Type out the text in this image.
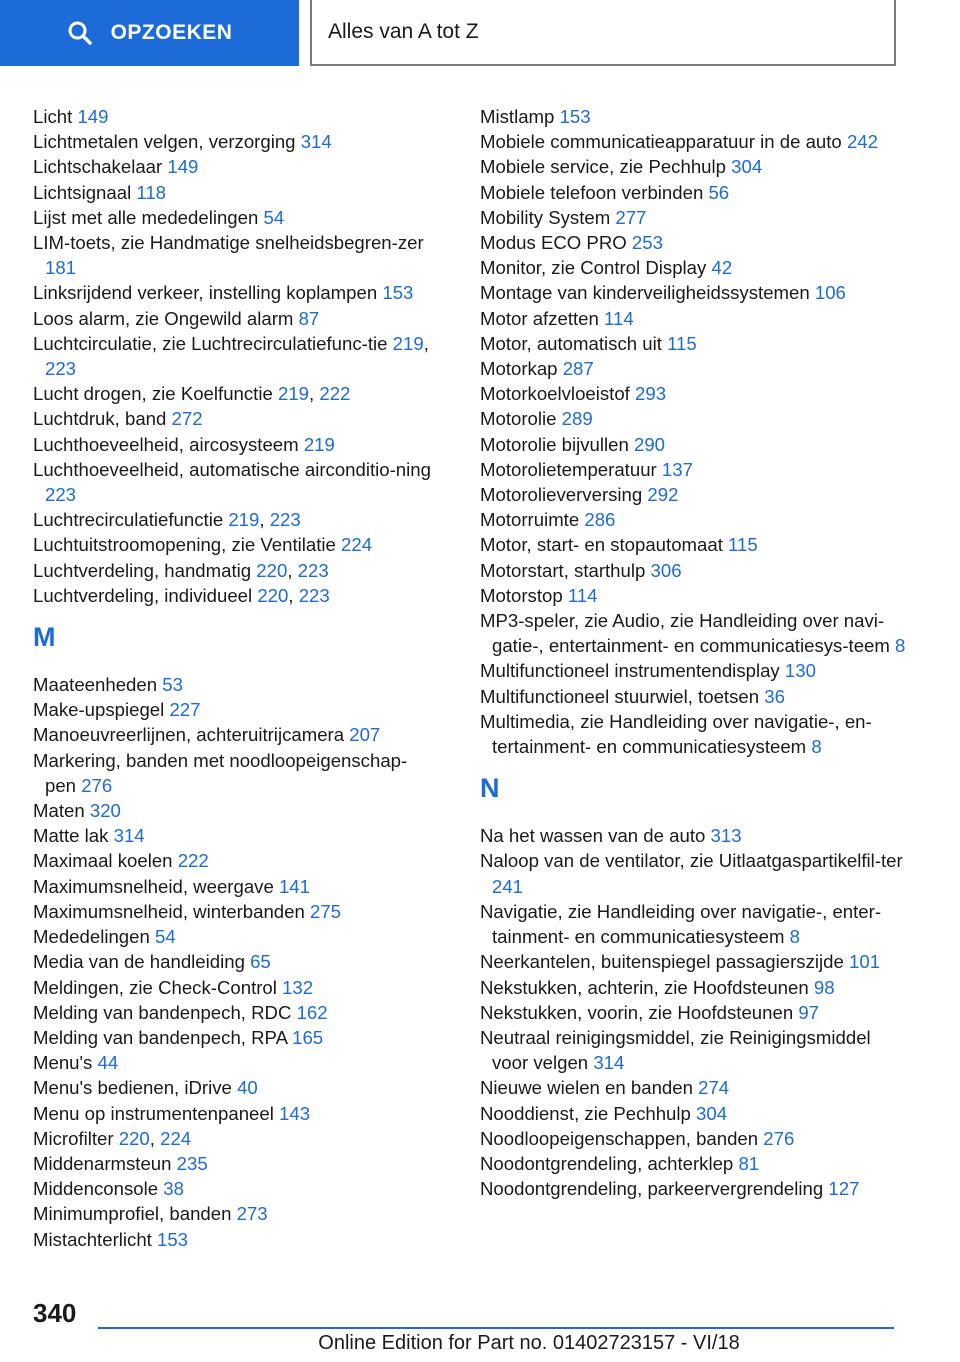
OPZOEKEN	Alles van A tot Z
Licht 149
Lichtmetalen velgen, verzorging 314
Lichtschakelaar 149
Lichtsignaal 118
Lijst met alle mededelingen 54
LIM-toets, zie Handmatige snelheidsbegren-zer 181
Linksrijdend verkeer, instelling koplampen 153
Loos alarm, zie Ongewild alarm 87
Luchtcirculatie, zie Luchtrecirculatiefunc-tie 219, 223
Lucht drogen, zie Koelfunctie 219, 222
Luchtdruk, band 272
Luchthoeveelheid, aircosysteem 219
Luchthoeveelheid, automatische airconditio-ning 223
Luchtrecirculatiefunctie 219, 223
Luchtuitstroomopening, zie Ventilatie 224
Luchtverdeling, handmatig 220, 223
Luchtverdeling, individueel 220, 223
M
Maateenheden 53
Make-upspiegel 227
Manoeuvreerlijnen, achteruitrijcamera 207
Markering, banden met noodloopeigenschap-pen 276
Maten 320
Matte lak 314
Maximaal koelen 222
Maximumsnelheid, weergave 141
Maximumsnelheid, winterbanden 275
Mededelingen 54
Media van de handleiding 65
Meldingen, zie Check-Control 132
Melding van bandenpech, RDC 162
Melding van bandenpech, RPA 165
Menu's 44
Menu's bedienen, iDrive 40
Menu op instrumentenpaneel 143
Microfilter 220, 224
Middenarmsteun 235
Middenconsole 38
Minimumprofiel, banden 273
Mistachterlicht 153
Mistlamp 153
Mobiele communicatieapparatuur in de auto 242
Mobiele service, zie Pechhulp 304
Mobiele telefoon verbinden 56
Mobility System 277
Modus ECO PRO 253
Monitor, zie Control Display 42
Montage van kinderveiligheidssystemen 106
Motor afzetten 114
Motor, automatisch uit 115
Motorkap 287
Motorkoelvloeistof 293
Motorolie 289
Motorolie bijvullen 290
Motorolietemperatuur 137
Motorolieverversing 292
Motorruimte 286
Motor, start- en stopautomaat 115
Motorstart, starthulp 306
Motorstop 114
MP3-speler, zie Audio, zie Handleiding over navi-gatie-, entertainment- en communicatiesys-teem 8
Multifunctioneel instrumentendisplay 130
Multifunctioneel stuurwiel, toetsen 36
Multimedia, zie Handleiding over navigatie-, en-tertainment- en communicatiesysteem 8
N
Na het wassen van de auto 313
Naloop van de ventilator, zie Uitlaatgaspartikelfil-ter 241
Navigatie, zie Handleiding over navigatie-, enter-tainment- en communicatiesysteem 8
Neerkantelen, buitenspiegel passagierszijde 101
Nekstukken, achterin, zie Hoofdsteunen 98
Nekstukken, voorin, zie Hoofdsteunen 97
Neutraal reinigingsmiddel, zie Reinigingsmiddel voor velgen 314
Nieuwe wielen en banden 274
Nooddienst, zie Pechhulp 304
Noodloopeigenschappen, banden 276
Noodontgrendeling, achterklep 81
Noodontgrendeling, parkeervergrendeling 127
340
Online Edition for Part no. 01402723157 - VI/18
